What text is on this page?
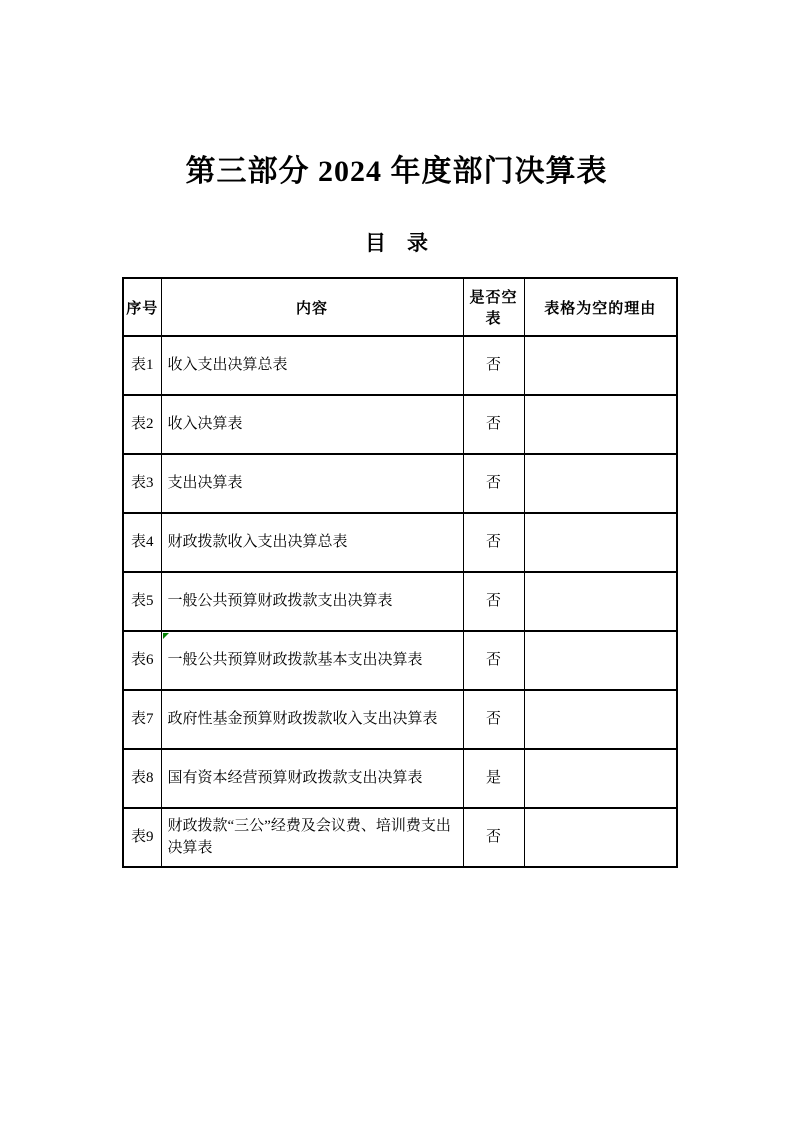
第三部分 2024 年度部门决算表
目　录
序号	内容	是否空表	表格为空的理由
表1	收入支出决算总表	否	
表2	收入决算表	否	
表3	支出决算表	否	
表4	财政拨款收入支出决算总表	否	
表5	一般公共预算财政拨款支出决算表	否	
表6	一般公共预算财政拨款基本支出决算表	否	
表7	政府性基金预算财政拨款收入支出决算表	否	
表8	国有资本经营预算财政拨款支出决算表	是	
表9	财政拨款“三公”经费及会议费、培训费支出决算表	否	
